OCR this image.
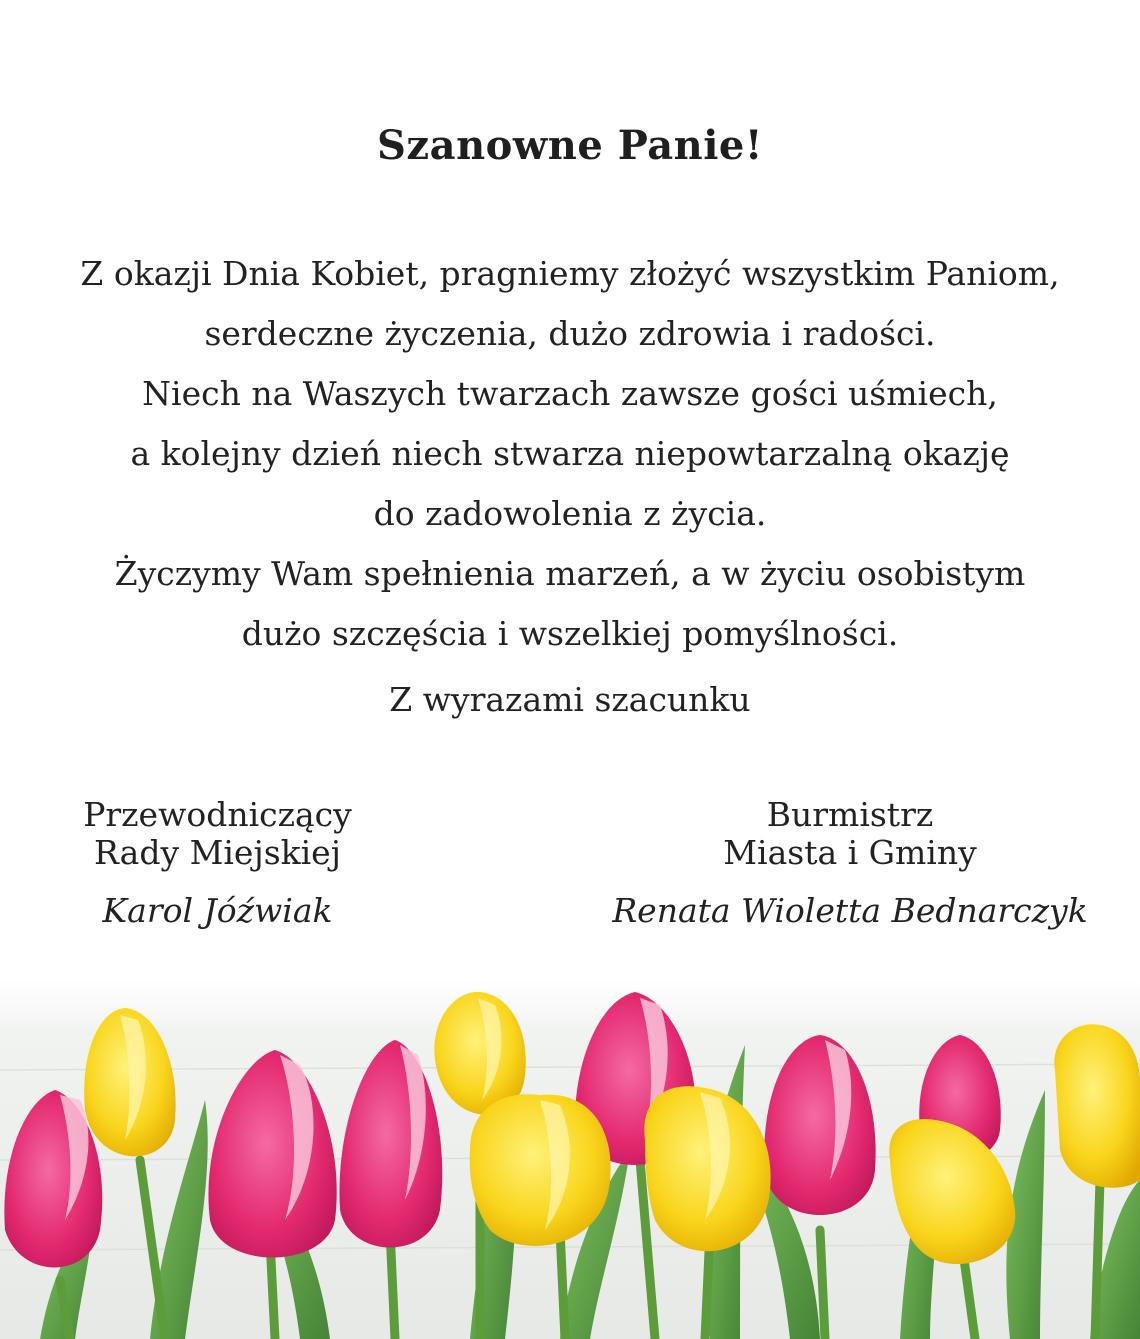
Szanowne Panie!
Z okazji Dnia Kobiet, pragniemy złożyć wszystkim Paniom,
serdeczne życzenia, dużo zdrowia i radości.
Niech na Waszych twarzach zawsze gości uśmiech,
a kolejny dzień niech stwarza niepowtarzalną okazję
do zadowolenia z życia.
Życzymy Wam spełnienia marzeń, a w życiu osobistym
dużo szczęścia i wszelkiej pomyślności.
Z wyrazami szacunku
Przewodniczący
Rady Miejskiej
Karol Jóźwiak
Burmistrz
Miasta i Gminy
Renata Wioletta Bednarczyk
